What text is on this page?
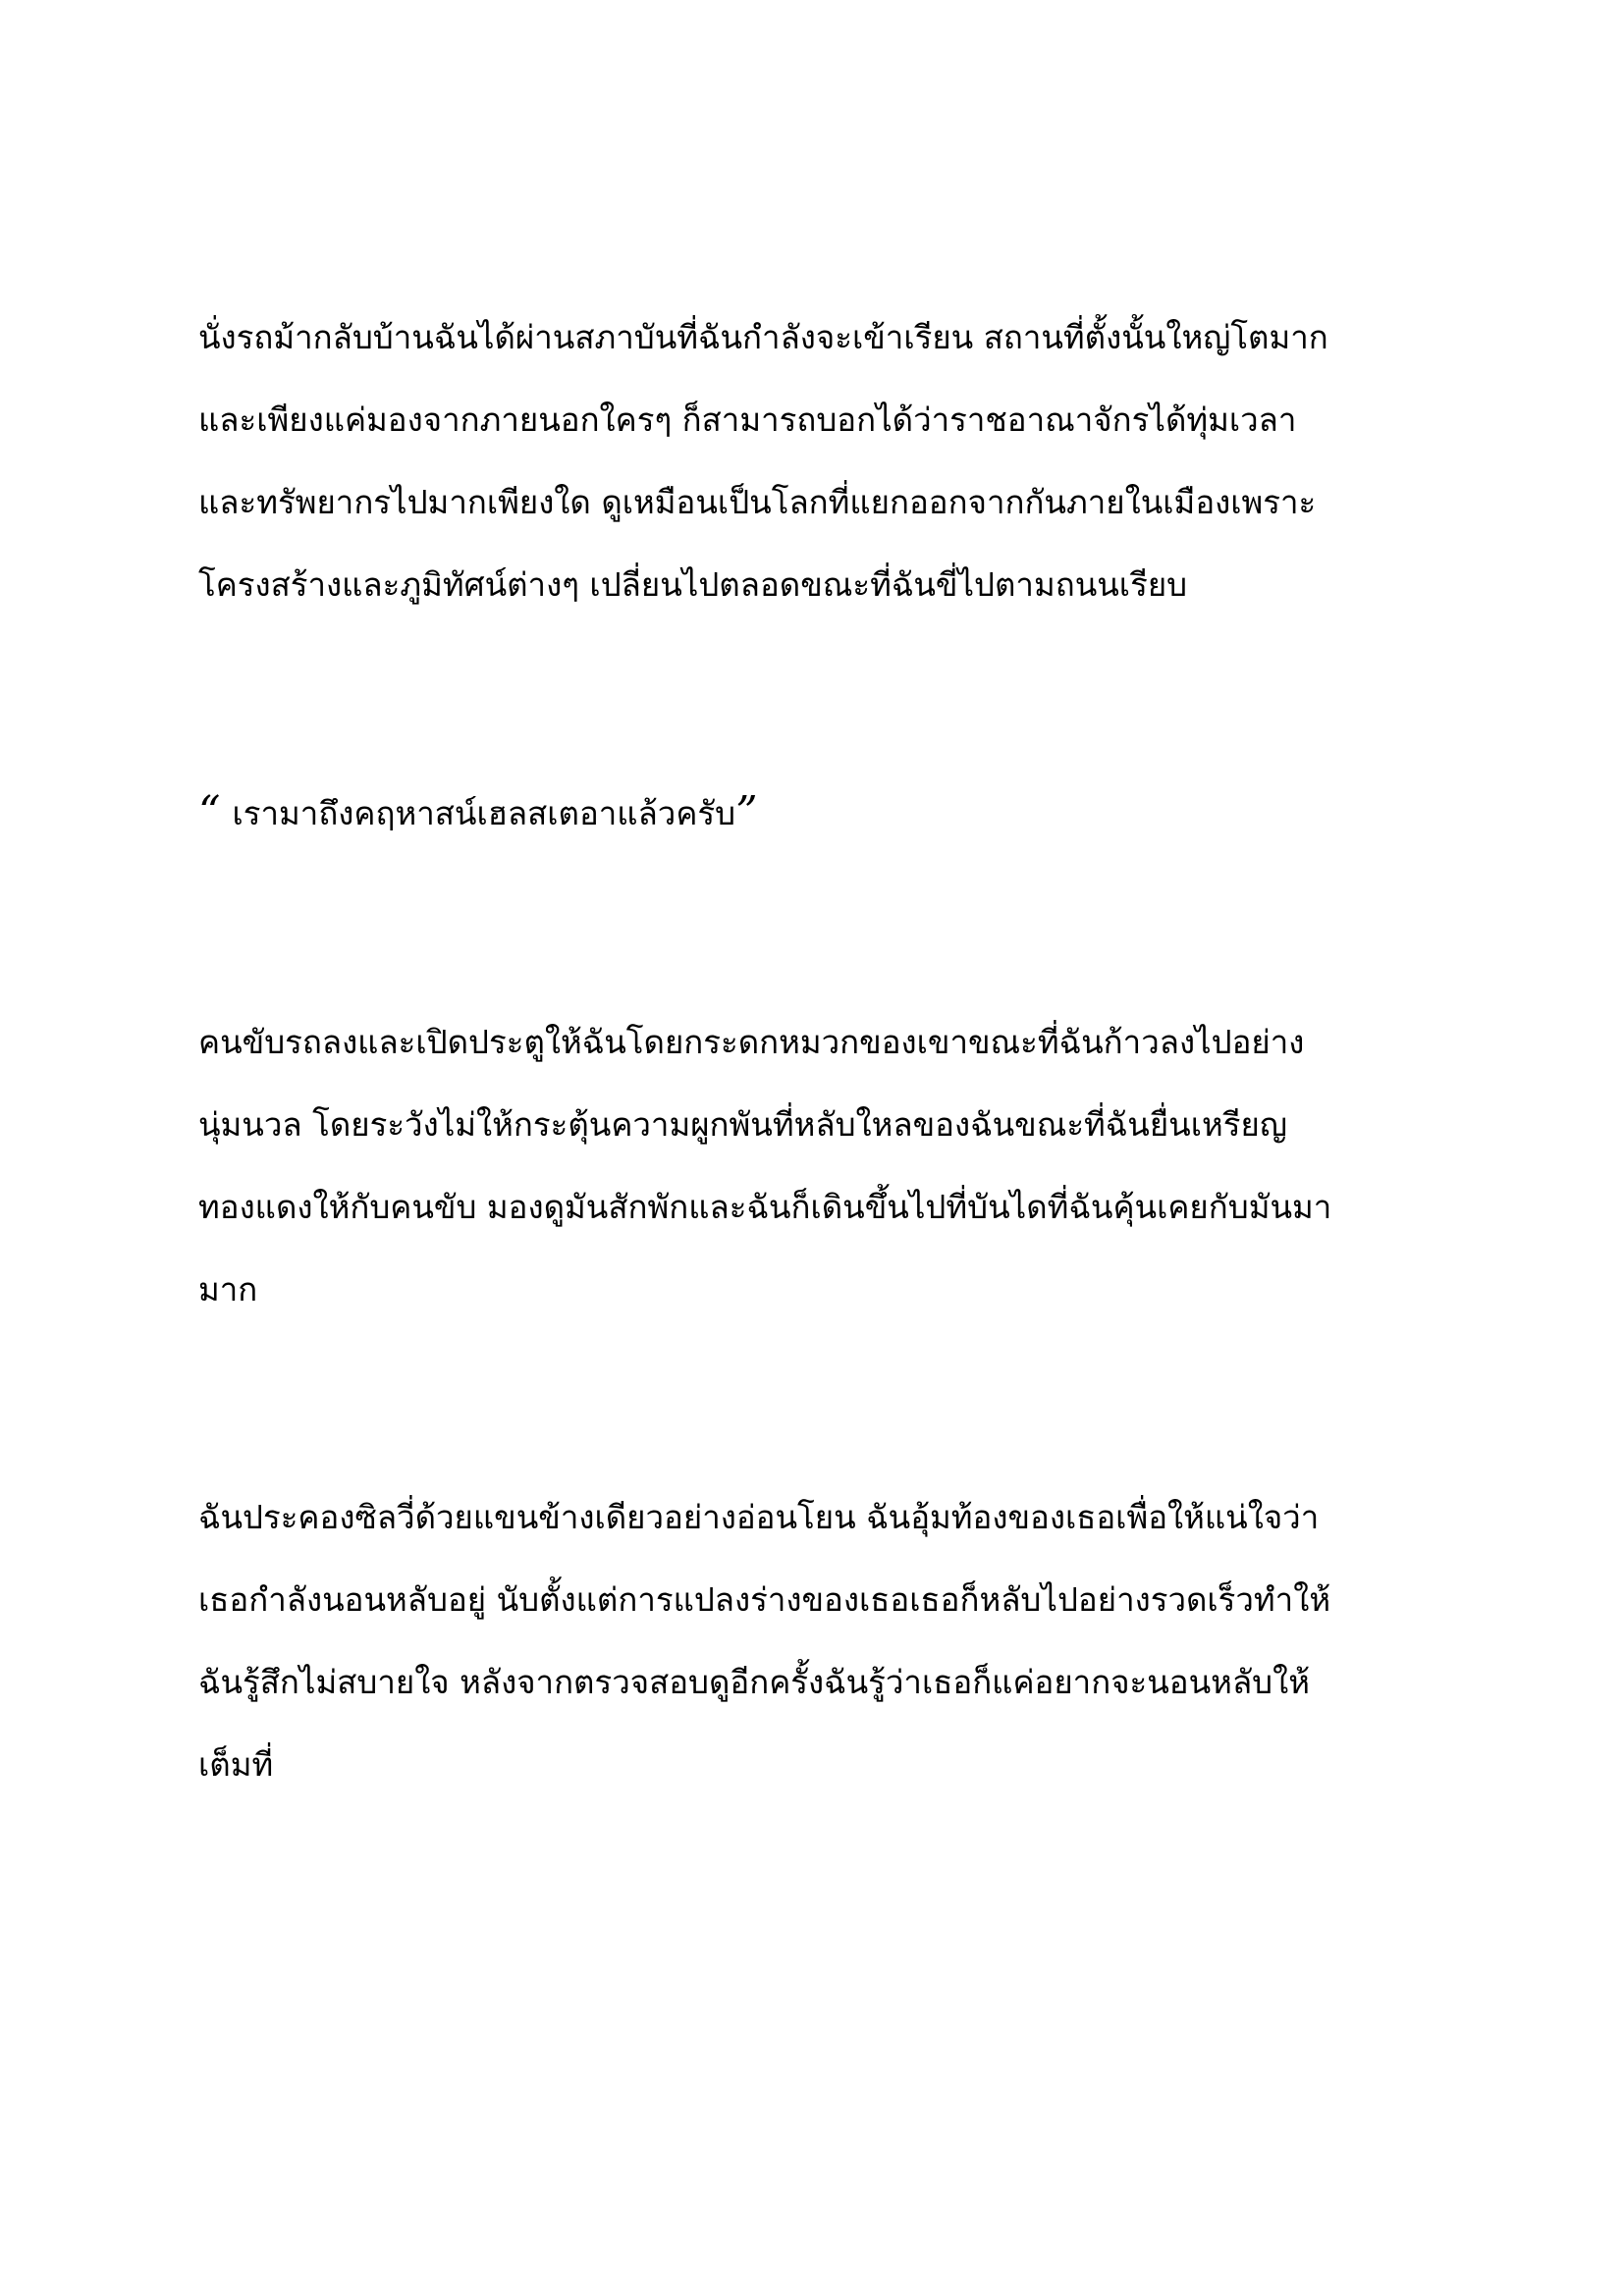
นั่งรถม้ากลับบ้านฉันได้ผ่านสภาบันที่ฉันกำลังจะเข้าเรียน สถานที่ตั้งนั้นใหญ่โตมาก
และเพียงแค่มองจากภายนอกใครๆ ก็สามารถบอกได้ว่าราชอาณาจักรได้ทุ่มเวลา
และทรัพยากรไปมากเพียงใด ดูเหมือนเป็นโลกที่แยกออกจากกันภายในเมืองเพราะ
โครงสร้างและภูมิทัศน์ต่างๆ เปลี่ยนไปตลอดขณะที่ฉันขี่ไปตามถนนเรียบ
“ เรามาถึงคฤหาสน์เฮลสเตอาแล้วครับ”
คนขับรถลงและเปิดประตูให้ฉันโดยกระดกหมวกของเขาขณะที่ฉันก้าวลงไปอย่าง
นุ่มนวล โดยระวังไม่ให้กระตุ้นความผูกพันที่หลับใหลของฉันขณะที่ฉันยื่นเหรียญ
ทองแดงให้กับคนขับ มองดูมันสักพักและฉันก็เดินขึ้นไปที่บันไดที่ฉันคุ้นเคยกับมันมา
มาก
ฉันประคองซิลวี่ด้วยแขนข้างเดียวอย่างอ่อนโยน ฉันอุ้มท้องของเธอเพื่อให้แน่ใจว่า
เธอกำลังนอนหลับอยู่ นับตั้งแต่การแปลงร่างของเธอเธอก็หลับไปอย่างรวดเร็วทำให้
ฉันรู้สึกไม่สบายใจ หลังจากตรวจสอบดูอีกครั้งฉันรู้ว่าเธอก็แค่อยากจะนอนหลับให้
เต็มที่
